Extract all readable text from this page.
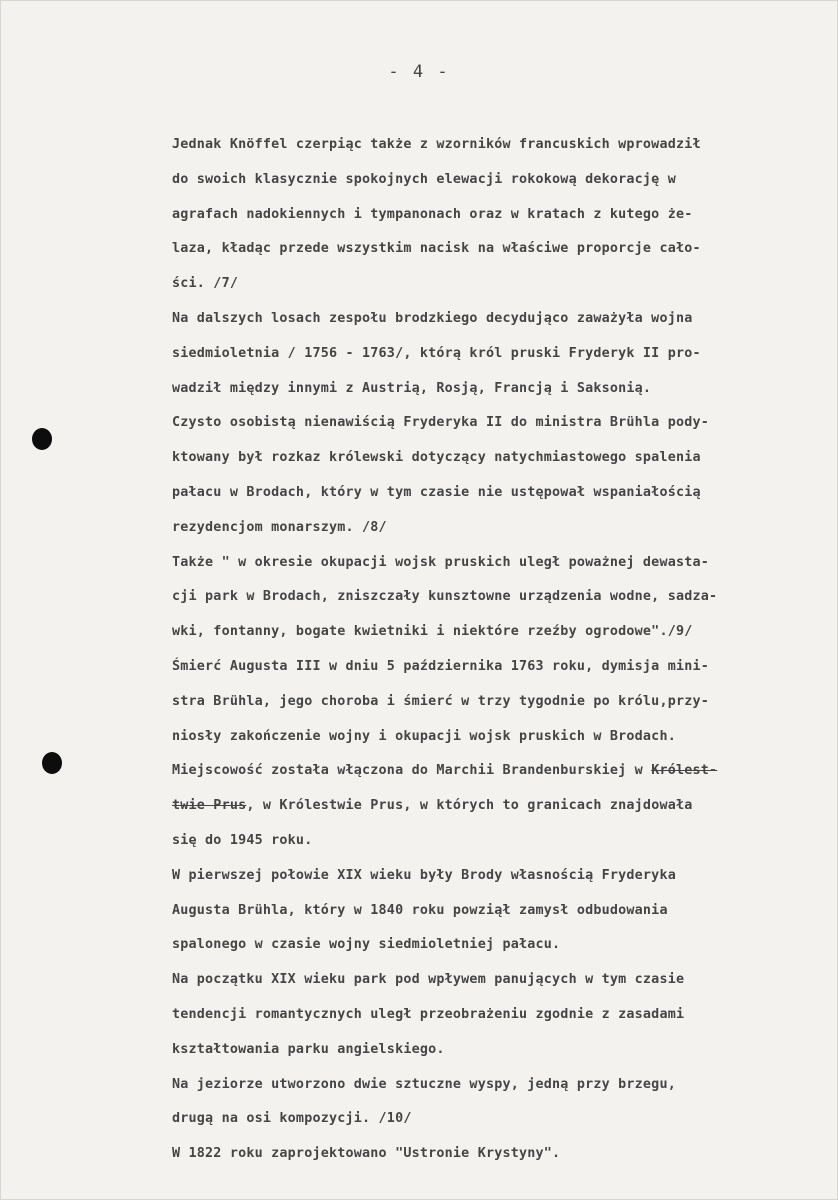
- 4 -
Jednak Knöffel czerpiąc także z wzorników francuskich wprowadził
do swoich klasycznie spokojnych elewacji rokokową dekorację w
agrafach nadokiennych i tympanonach oraz w kratach z kutego że-
laza, kładąc przede wszystkim nacisk na właściwe proporcje cało-
ści. /7/
Na dalszych losach zespołu brodzkiego decydująco zaważyła wojna
siedmioletnia / 1756 - 1763/, którą król pruski Fryderyk II pro-
wadził między innymi z Austrią, Rosją, Francją i Saksonią.
Czysto osobistą nienawiścią Fryderyka II do ministra Brühla pody-
ktowany był rozkaz królewski dotyczący natychmiastowego spalenia
pałacu w Brodach, który w tym czasie nie ustępował wspaniałością
rezydencjom monarszym. /8/
Także " w okresie okupacji wojsk pruskich uległ poważnej dewasta-
cji park w Brodach, zniszczały kunsztowne urządzenia wodne, sadza-
wki, fontanny, bogate kwietniki i niektóre rzeźby ogrodowe"./9/
Śmierć Augusta III w dniu 5 października 1763 roku, dymisja mini-
stra Brühla, jego choroba i śmierć w trzy tygodnie po królu,przy-
niosły zakończenie wojny i okupacji wojsk pruskich w Brodach.
Miejscowość została włączona do Marchii Brandenburskiej w Królest-
twie Prus, w Królestwie Prus, w których to granicach znajdowała
się do 1945 roku.
W pierwszej połowie XIX wieku były Brody własnością Fryderyka
Augusta Brühla, który w 1840 roku powziął zamysł odbudowania
spalonego w czasie wojny siedmioletniej pałacu.
Na początku XIX wieku park pod wpływem panujących w tym czasie
tendencji romantycznych uległ przeobrażeniu zgodnie z zasadami
kształtowania parku angielskiego.
Na jeziorze utworzono dwie sztuczne wyspy, jedną przy brzegu,
drugą na osi kompozycji. /10/
W 1822 roku zaprojektowano "Ustronie Krystyny".
